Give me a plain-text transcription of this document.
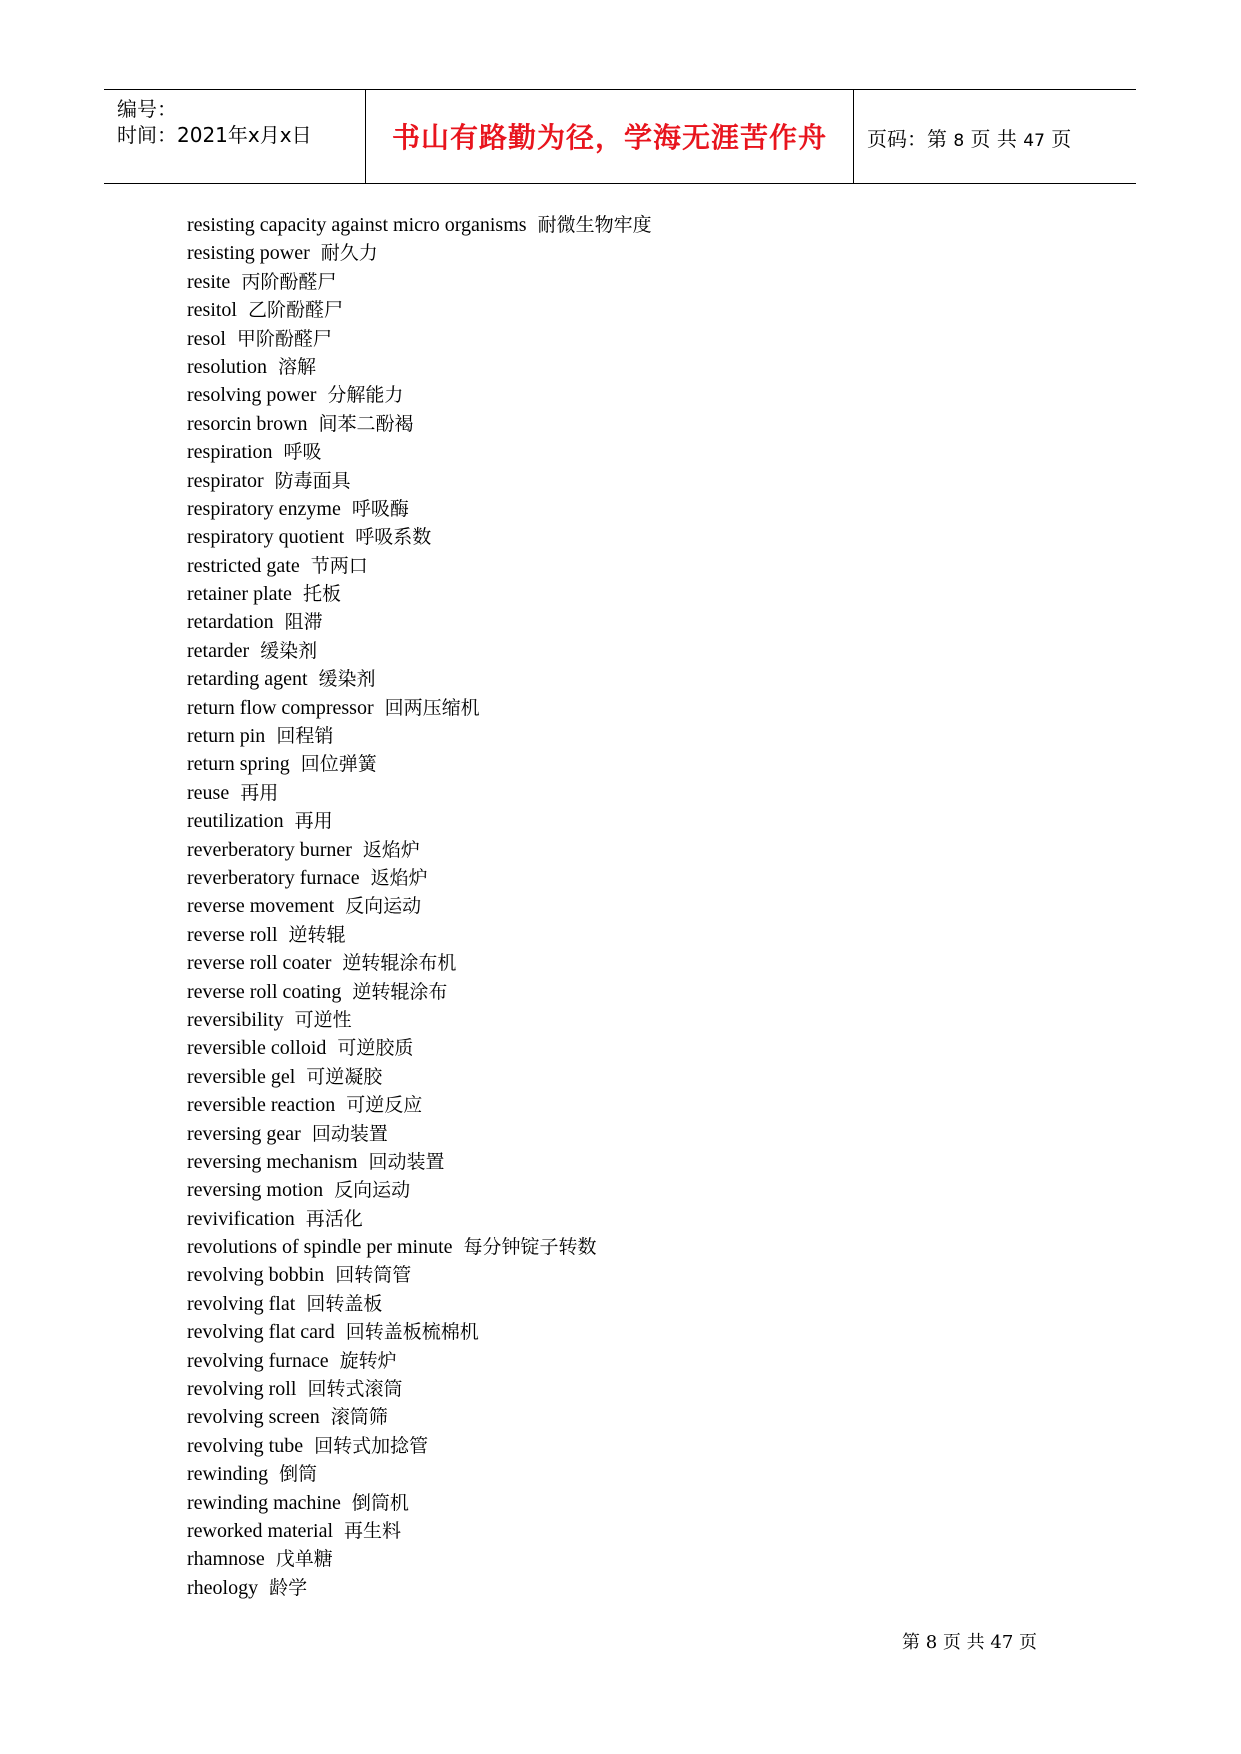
编号：
时间：2021年x月x日	书山有路勤为径，学海无涯苦作舟	页码：第 8 页 共 47 页
resisting capacity against micro organisms 耐微生物牢度
resisting power 耐久力
resite 丙阶酚醛尸
resitol 乙阶酚醛尸
resol 甲阶酚醛尸
resolution 溶解
resolving power 分解能力
resorcin brown 间苯二酚褐
respiration 呼吸
respirator 防毒面具
respiratory enzyme 呼吸酶
respiratory quotient 呼吸系数
restricted gate 节两口
retainer plate 托板
retardation 阻滞
retarder 缓染剂
retarding agent 缓染剂
return flow compressor 回两压缩机
return pin 回程销
return spring 回位弹簧
reuse 再用
reutilization 再用
reverberatory burner 返焰炉
reverberatory furnace 返焰炉
reverse movement 反向运动
reverse roll 逆转辊
reverse roll coater 逆转辊涂布机
reverse roll coating 逆转辊涂布
reversibility 可逆性
reversible colloid 可逆胶质
reversible gel 可逆凝胶
reversible reaction 可逆反应
reversing gear 回动装置
reversing mechanism 回动装置
reversing motion 反向运动
revivification 再活化
revolutions of spindle per minute 每分钟锭子转数
revolving bobbin 回转筒管
revolving flat 回转盖板
revolving flat card 回转盖板梳棉机
revolving furnace 旋转炉
revolving roll 回转式滚筒
revolving screen 滚筒筛
revolving tube 回转式加捻管
rewinding 倒筒
rewinding machine 倒筒机
reworked material 再生料
rhamnose 戊单糖
rheology 龄学
第 8 页 共 47 页
